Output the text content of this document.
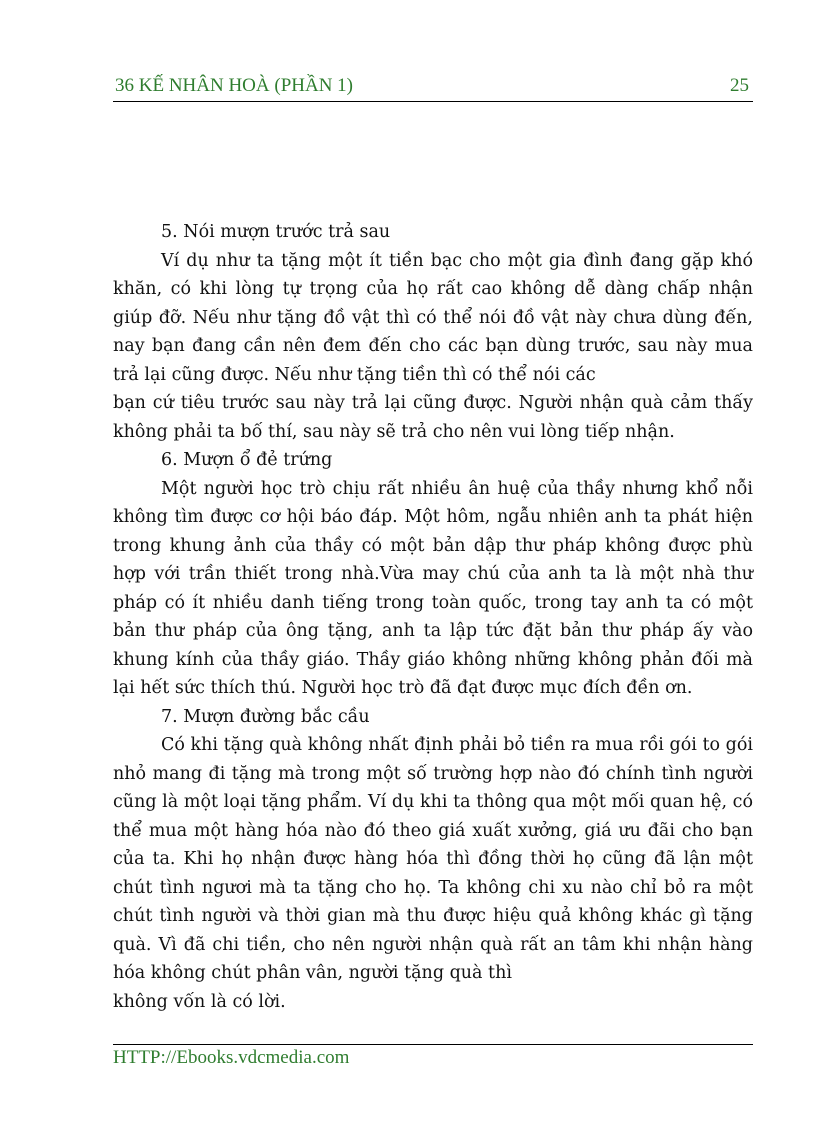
36 KẾ NHÂN HOÀ (PHẦN 1)	25

5. Nói mượn trước trả sau

Ví dụ như ta tặng một ít tiền bạc cho một gia đình đang gặp khó khăn, có khi lòng tự trọng của họ rất cao không dễ dàng chấp nhận giúp đỡ. Nếu như tặng đồ vật thì có thể nói đồ vật này chưa dùng đến, nay bạn đang cần nên đem đến cho các bạn dùng trước, sau này mua trả lại cũng được. Nếu như tặng tiền thì có thể nói các

bạn cứ tiêu trước sau này trả lại cũng được. Người nhận quà cảm thấy không phải ta bố thí, sau này sẽ trả cho nên vui lòng tiếp nhận.

6. Mượn ổ đẻ trứng

Một người học trò chịu rất nhiều ân huệ của thầy nhưng khổ nỗi không tìm được cơ hội báo đáp. Một hôm, ngẫu nhiên anh ta phát hiện trong khung ảnh của thầy có một bản dập thư pháp không được phù hợp với trần thiết trong nhà.Vừa may chú của anh ta là một nhà thư pháp có ít nhiều danh tiếng trong toàn quốc, trong tay anh ta có một bản thư pháp của ông tặng, anh ta lập tức đặt bản thư pháp ấy vào khung kính của thầy giáo. Thầy giáo không những không phản đối mà lại hết sức thích thú. Người học trò đã đạt được mục đích đền ơn.

7. Mượn đường bắc cầu

Có khi tặng quà không nhất định phải bỏ tiền ra mua rồi gói to gói nhỏ mang đi tặng mà trong một số trường hợp nào đó chính tình người cũng là một loại tặng phẩm. Ví dụ khi ta thông qua một mối quan hệ, có thể mua một hàng hóa nào đó theo giá xuất xưởng, giá ưu đãi cho bạn của ta. Khi họ nhận được hàng hóa thì đồng thời họ cũng đã lận một chút tình ngươi mà ta tặng cho họ. Ta không chi xu nào chỉ bỏ ra một chút tình người và thời gian mà thu được hiệu quả không khác gì tặng quà. Vì đã chi tiền, cho nên người nhận quà rất an tâm khi nhận hàng hóa không chút phân vân, người tặng quà thì

không vốn là có lời.

HTTP://Ebooks.vdcmedia.com
